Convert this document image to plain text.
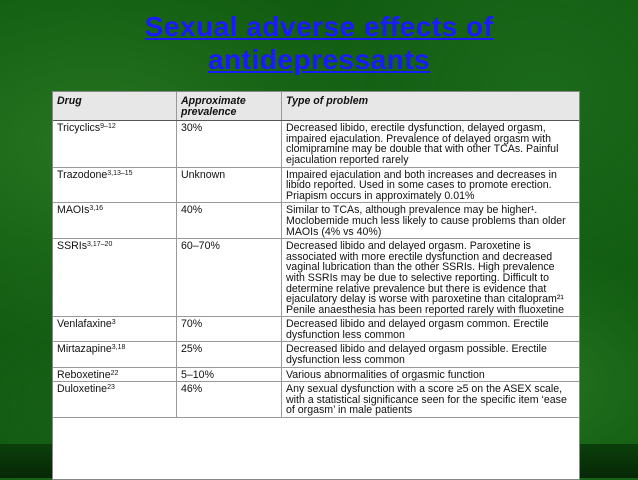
Sexual adverse effects of
antidepressants
Drug	Approximate prevalence	Type of problem
Tricyclics$^{9-12}$	30%	Decreased libido, erectile dysfunction, delayed orgasm, impaired ejaculation. Prevalence of delayed orgasm with clomipramine may be double that with other TCAs. Painful ejaculation reported rarely
Trazodone$^{3,13-15}$	Unknown	Impaired ejaculation and both increases and decreases in libido reported. Used in some cases to promote erection. Priapism occurs in approximately 0.01%
MAOIs$^{3,16}$	40%	Similar to TCAs, although prevalence may be higher¹. Moclobemide much less likely to cause problems than older MAOIs (4% vs 40%)
SSRIs$^{3,17-20}$	60–70%	Decreased libido and delayed orgasm. Paroxetine is associated with more erectile dysfunction and decreased vaginal lubrication than the other SSRIs. High prevalence with SSRIs may be due to selective reporting. Difficult to determine relative prevalence but there is evidence that ejaculatory delay is worse with paroxetine than citalopram²¹ Penile anaesthesia has been reported rarely with fluoxetine
Venlafaxine$^3$	70%	Decreased libido and delayed orgasm common. Erectile dysfunction less common
Mirtazapine$^{3,18}$	25%	Decreased libido and delayed orgasm possible. Erectile dysfunction less common
Reboxetine$^{22}$	5–10%	Various abnormalities of orgasmic function
Duloxetine$^{23}$	46%	Any sexual dysfunction with a score ≥5 on the ASEX scale, with a statistical significance seen for the specific item ‘ease of orgasm’ in male patients
